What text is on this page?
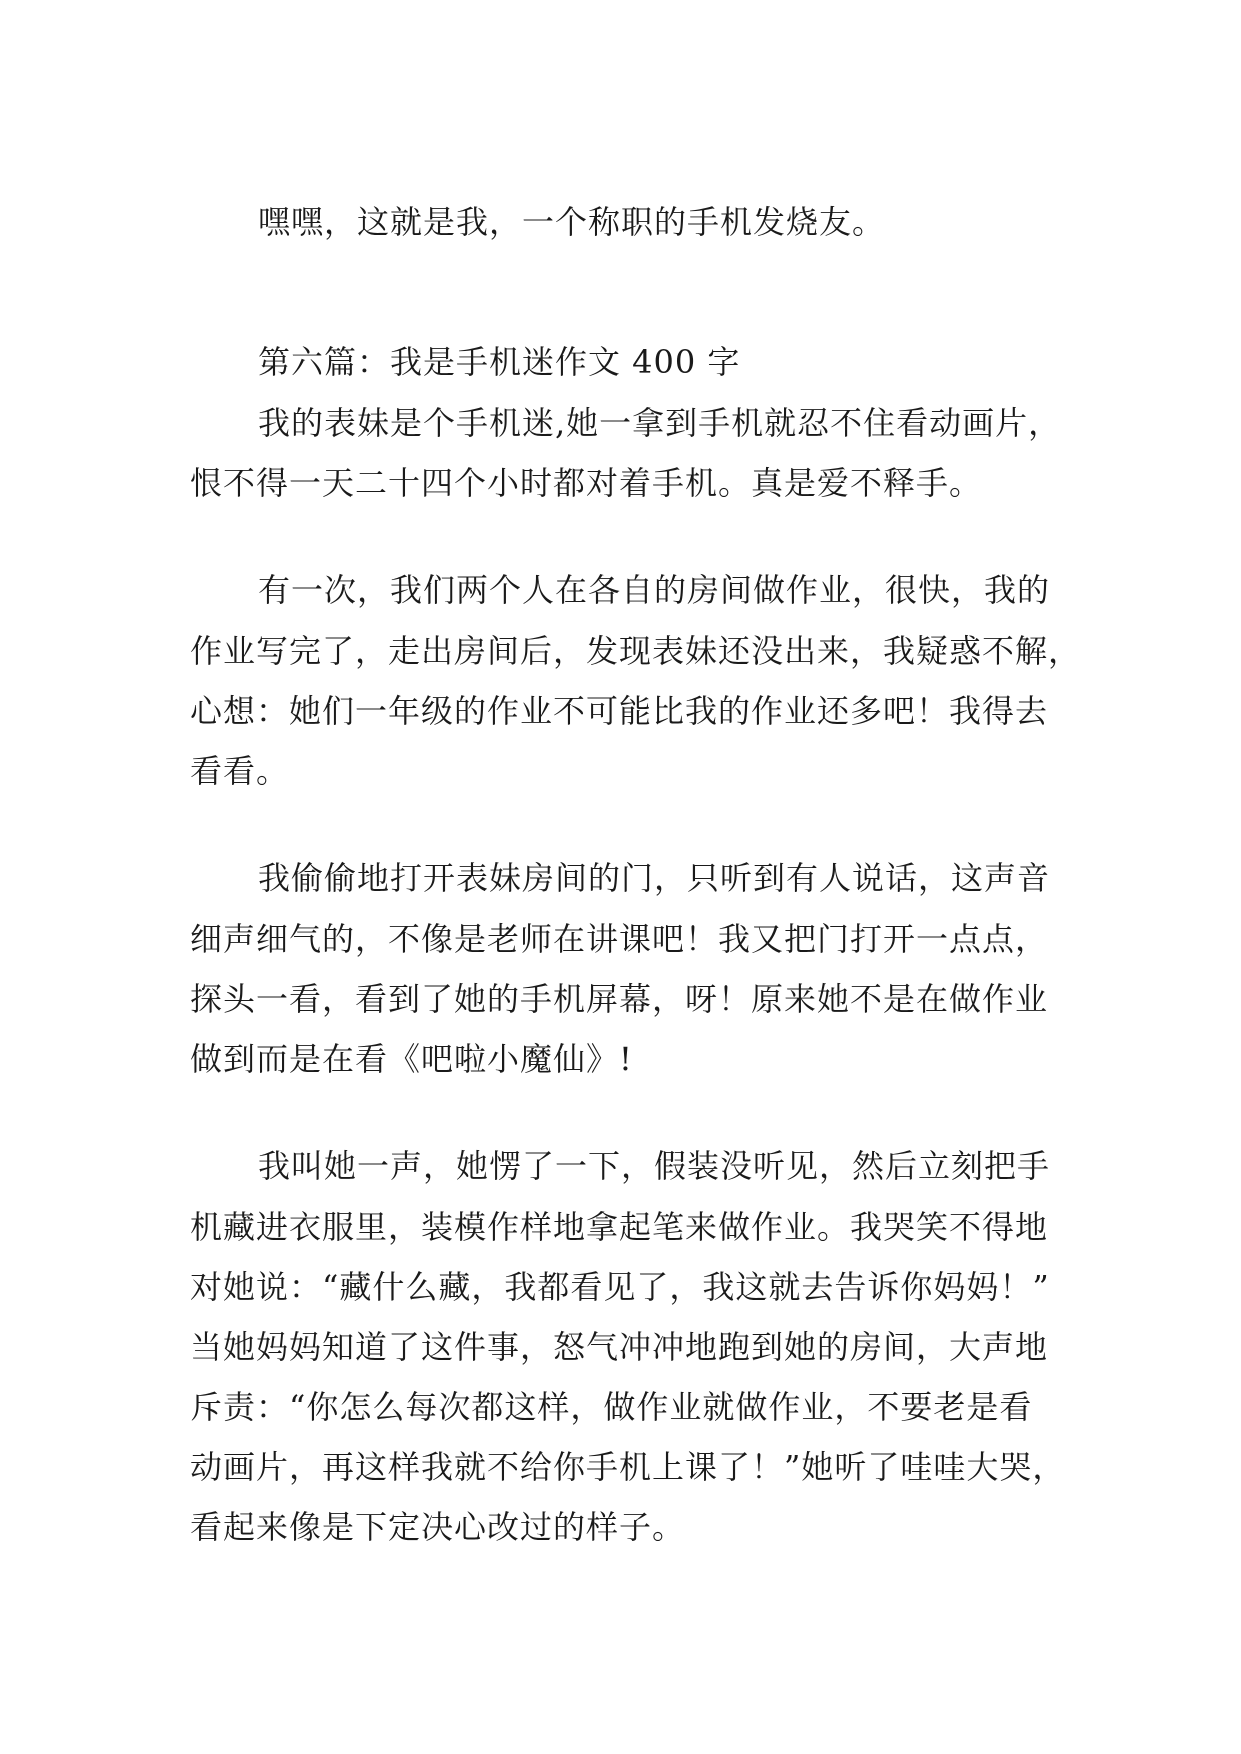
嘿嘿，这就是我，一个称职的手机发烧友。
第六篇：我是手机迷作文 400 字
我的表妹是个手机迷,她一拿到手机就忍不住看动画片，
恨不得一天二十四个小时都对着手机。真是爱不释手。
有一次，我们两个人在各自的房间做作业，很快，我的
作业写完了，走出房间后，发现表妹还没出来，我疑惑不解，
心想：她们一年级的作业不可能比我的作业还多吧！我得去
看看。
我偷偷地打开表妹房间的门，只听到有人说话，这声音
细声细气的，不像是老师在讲课吧！我又把门打开一点点，
探头一看，看到了她的手机屏幕，呀！原来她不是在做作业
做到而是在看《吧啦小魔仙》!
我叫她一声，她愣了一下，假装没听见，然后立刻把手
机藏进衣服里，装模作样地拿起笔来做作业。我哭笑不得地
对她说：“藏什么藏，我都看见了，我这就去告诉你妈妈！”
当她妈妈知道了这件事，怒气冲冲地跑到她的房间，大声地
斥责：“你怎么每次都这样，做作业就做作业，不要老是看
动画片，再这样我就不给你手机上课了！”她听了哇哇大哭，
看起来像是下定决心改过的样子。
